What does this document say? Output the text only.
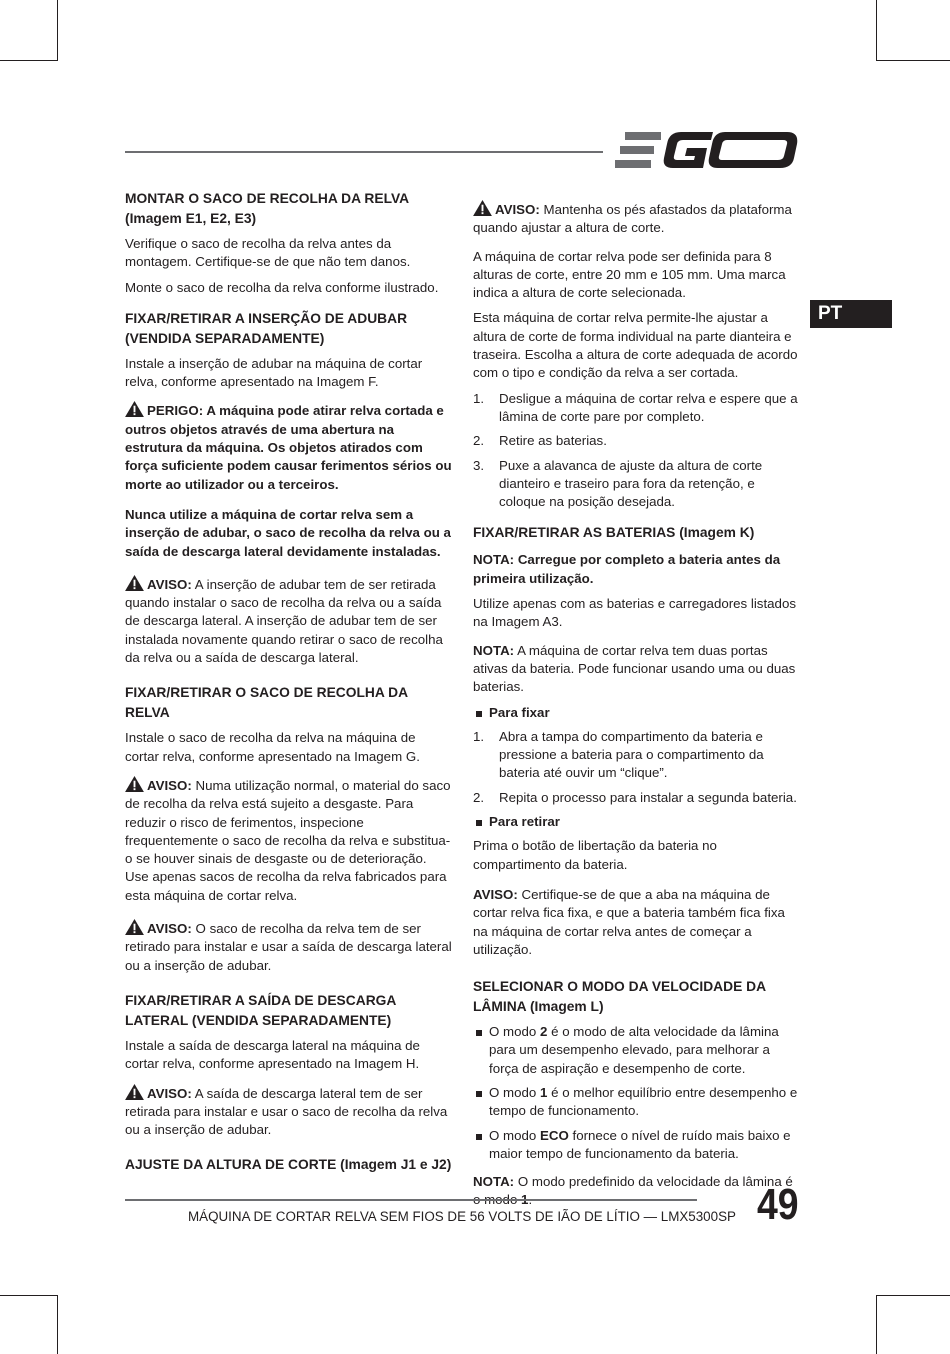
PT
MONTAR O SACO DE RECOLHA DA RELVA (Imagem E1, E2, E3)

Verifique o saco de recolha da relva antes da montagem. Certifique-se de que não tem danos.

Monte o saco de recolha da relva conforme ilustrado.

FIXAR/RETIRAR A INSERÇÃO DE ADUBAR (VENDIDA SEPARADAMENTE)

Instale a inserção de adubar na máquina de cortar relva, conforme apresentado na Imagem F.

PERIGO: A máquina pode atirar relva cortada e outros objetos através de uma abertura na estrutura da máquina. Os objetos atirados com força suficiente podem causar ferimentos sérios ou morte ao utilizador ou a terceiros.

Nunca utilize a máquina de cortar relva sem a inserção de adubar, o saco de recolha da relva ou a saída de descarga lateral devidamente instaladas.

AVISO: A inserção de adubar tem de ser retirada quando instalar o saco de recolha da relva ou a saída de descarga lateral. A inserção de adubar tem de ser instalada novamente quando retirar o saco de recolha da relva ou a saída de descarga lateral.

FIXAR/RETIRAR O SACO DE RECOLHA DA RELVA

Instale o saco de recolha da relva na máquina de cortar relva, conforme apresentado na Imagem G.

AVISO: Numa utilização normal, o material do saco de recolha da relva está sujeito a desgaste. Para reduzir o risco de ferimentos, inspecione frequentemente o saco de recolha da relva e substitua-o se houver sinais de desgaste ou de deterioração. Use apenas sacos de recolha da relva fabricados para esta máquina de cortar relva.

AVISO: O saco de recolha da relva tem de ser retirado para instalar e usar a saída de descarga lateral ou a inserção de adubar.

FIXAR/RETIRAR A SAÍDA DE DESCARGA LATERAL (VENDIDA SEPARADAMENTE)

Instale a saída de descarga lateral na máquina de cortar relva, conforme apresentado na Imagem H.

AVISO: A saída de descarga lateral tem de ser retirada para instalar e usar o saco de recolha da relva ou a inserção de adubar.

AJUSTE DA ALTURA DE CORTE (Imagem J1 e J2)

AVISO: Mantenha os pés afastados da plataforma quando ajustar a altura de corte.

A máquina de cortar relva pode ser definida para 8 alturas de corte, entre 20 mm e 105 mm. Uma marca indica a altura de corte selecionada.

Esta máquina de cortar relva permite-lhe ajustar a altura de corte de forma individual na parte dianteira e traseira. Escolha a altura de corte adequada de acordo com o tipo e condição da relva a ser cortada.

1. Desligue a máquina de cortar relva e espere que a lâmina de corte pare por completo.
2. Retire as baterias.
3. Puxe a alavanca de ajuste da altura de corte dianteiro e traseiro para fora da retenção, e coloque na posição desejada.
FIXAR/RETIRAR AS BATERIAS (Imagem K)

NOTA: Carregue por completo a bateria antes da primeira utilização.

Utilize apenas com as baterias e carregadores listados na Imagem A3.

NOTA: A máquina de cortar relva tem duas portas ativas da bateria. Pode funcionar usando uma ou duas baterias.

Para fixar
1. Abra a tampa do compartimento da bateria e pressione a bateria para o compartimento da bateria até ouvir um “clique”.
2. Repita o processo para instalar a segunda bateria.
Para retirar

Prima o botão de libertação da bateria no compartimento da bateria.

AVISO: Certifique-se de que a aba na máquina de cortar relva fica fixa, e que a bateria também fica fixa na máquina de cortar relva antes de começar a utilização.

SELECIONAR O MODO DA VELOCIDADE DA LÂMINA (Imagem L)
O modo 2 é o modo de alta velocidade da lâmina para um desempenho elevado, para melhorar a força de aspiração e desempenho de corte.
O modo 1 é o melhor equilíbrio entre desempenho e tempo de funcionamento.
O modo ECO fornece o nível de ruído mais baixo e maior tempo de funcionamento da bateria.

NOTA: O modo predefinido da velocidade da lâmina é

MÁQUINA DE CORTAR RELVA SEM FIOS DE 56 VOLTS DE IÃO DE LÍTIO — LMX5300SP 49
